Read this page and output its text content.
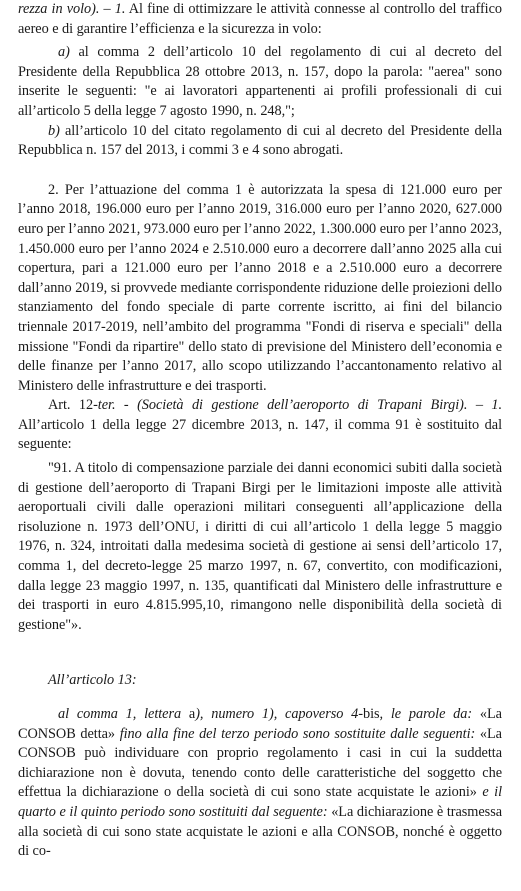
rezza in volo). – 1. Al fine di ottimizzare le attività connesse al controllo del traffico aereo e di garantire l’efficienza e la sicurezza in volo:

a) al comma 2 dell’articolo 10 del regolamento di cui al decreto del Presidente della Repubblica 28 ottobre 2013, n. 157, dopo la parola: "aerea" sono inserite le seguenti: "e ai lavoratori appartenenti ai profili professionali di cui all’articolo 5 della legge 7 agosto 1990, n. 248,";

b) all’articolo 10 del citato regolamento di cui al decreto del Presidente della Repubblica n. 157 del 2013, i commi 3 e 4 sono abrogati.

2. Per l’attuazione del comma 1 è autorizzata la spesa di 121.000 euro per l’anno 2018, 196.000 euro per l’anno 2019, 316.000 euro per l’anno 2020, 627.000 euro per l’anno 2021, 973.000 euro per l’anno 2022, 1.300.000 euro per l’anno 2023, 1.450.000 euro per l’anno 2024 e 2.510.000 euro a decorrere dall’anno 2025 alla cui copertura, pari a 121.000 euro per l’anno 2018 e a 2.510.000 euro a decorrere dall’anno 2019, si provvede mediante corrispondente riduzione delle proiezioni dello stanziamento del fondo speciale di parte corrente iscritto, ai fini del bilancio triennale 2017-2019, nell’ambito del programma "Fondi di riserva e speciali" della missione "Fondi da ripartire" dello stato di previsione del Ministero dell’economia e delle finanze per l’anno 2017, allo scopo utilizzando l’accantonamento relativo al Ministero delle infrastrutture e dei trasporti.

Art. 12-ter. - (Società di gestione dell’aeroporto di Trapani Birgi). – 1. All’articolo 1 della legge 27 dicembre 2013, n. 147, il comma 91 è sostituito dal seguente:

"91. A titolo di compensazione parziale dei danni economici subiti dalla società di gestione dell’aeroporto di Trapani Birgi per le limitazioni imposte alle attività aeroportuali civili dalle operazioni militari conseguenti all’applicazione della risoluzione n. 1973 dell’ONU, i diritti di cui all’articolo 1 della legge 5 maggio 1976, n. 324, introitati dalla medesima società di gestione ai sensi dell’articolo 17, comma 1, del decreto-legge 25 marzo 1997, n. 67, convertito, con modificazioni, dalla legge 23 maggio 1997, n. 135, quantificati dal Ministero delle infrastrutture e dei trasporti in euro 4.815.995,10, rimangono nelle disponibilità della società di gestione"».

All’articolo 13:

al comma 1, lettera a), numero 1), capoverso 4-bis, le parole da: «La CONSOB detta» fino alla fine del terzo periodo sono sostituite dalle seguenti: «La CONSOB può individuare con proprio regolamento i casi in cui la suddetta dichiarazione non è dovuta, tenendo conto delle caratteristiche del soggetto che effettua la dichiarazione o della società di cui sono state acquistate le azioni» e il quarto e il quinto periodo sono sostituiti dal seguente: «La dichiarazione è trasmessa alla società di cui sono state acquistate le azioni e alla CONSOB, nonché è oggetto di co-
